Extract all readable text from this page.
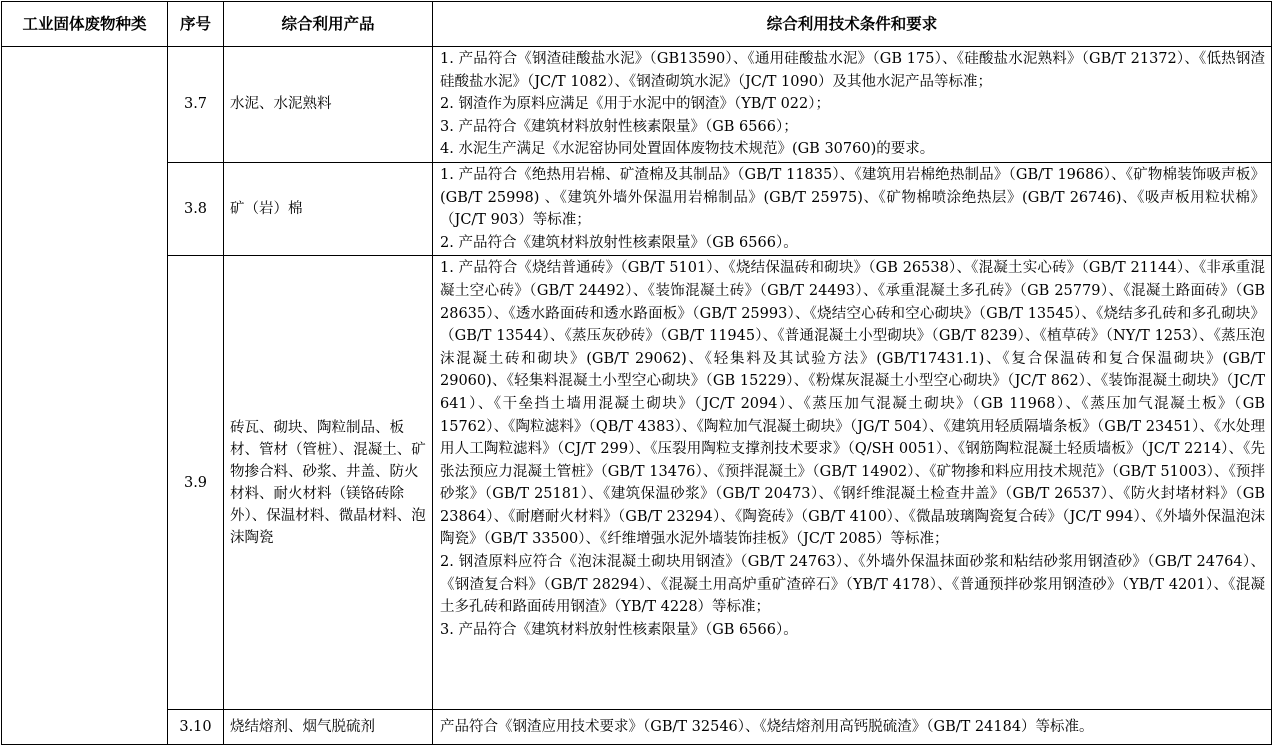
工业固体废物种类	序号	综合利用产品	综合利用技术条件和要求
	3.7	水泥、水泥熟料	1. 产品符合《钢渣硅酸盐水泥》（GB13590）、《通用硅酸盐水泥》（GB 175）、《硅酸盐水泥熟料》（GB/T 21372）、《低热钢渣硅酸盐水泥》（JC/T 1082）、《钢渣砌筑水泥》（JC/T 1090）及其他水泥产品等标准；
2. 钢渣作为原料应满足《用于水泥中的钢渣》（YB/T 022）；
3. 产品符合《建筑材料放射性核素限量》（GB 6566）；
4. 水泥生产满足《水泥窑协同处置固体废物技术规范》(GB 30760)的要求。

	3.8	矿（岩）棉	1. 产品符合《绝热用岩棉、矿渣棉及其制品》（GB/T 11835）、《建筑用岩棉绝热制品》（GB/T 19686）、《矿物棉装饰吸声板》(GB/T 25998) 、《建筑外墙外保温用岩棉制品》(GB/T 25975)、《矿物棉喷涂绝热层》(GB/T 26746)、《吸声板用粒状棉》（JC/T 903）等标准；
2. 产品符合《建筑材料放射性核素限量》（GB 6566）。

	3.9	砖瓦、砌块、陶粒制品、板材、管材（管桩）、混凝土、矿物掺合料、砂浆、井盖、防火材料、耐火材料（镁铬砖除外）、保温材料、微晶材料、泡沫陶瓷	1. 产品符合《烧结普通砖》（GB/T 5101）、《烧结保温砖和砌块》（GB 26538）、《混凝土实心砖》（GB/T 21144）、《非承重混凝土空心砖》（GB/T 24492）、《装饰混凝土砖》（GB/T 24493）、《承重混凝土多孔砖》（GB 25779）、《混凝土路面砖》（GB 28635）、《透水路面砖和透水路面板》（GB/T 25993）、《烧结空心砖和空心砌块》（GB/T 13545）、《烧结多孔砖和多孔砌块》（GB/T 13544）、《蒸压灰砂砖》（GB/T 11945）、《普通混凝土小型砌块》（GB/T 8239）、《植草砖》（NY/T 1253）、《蒸压泡沫混凝土砖和砌块》(GB/T 29062)、《轻集料及其试验方法》(GB/T17431.1)、《复合保温砖和复合保温砌块》(GB/T 29060)、《轻集料混凝土小型空心砌块》（GB 15229）、《粉煤灰混凝土小型空心砌块》（JC/T 862）、《装饰混凝土砌块》（JC/T 641）、《干垒挡土墙用混凝土砌块》（JC/T 2094）、《蒸压加气混凝土砌块》（GB 11968）、《蒸压加气混凝土板》（GB 15762）、《陶粒滤料》（QB/T 4383）、《陶粒加气混凝土砌块》（JG/T 504）、《建筑用轻质隔墙条板》（GB/T 23451）、《水处理用人工陶粒滤料》（CJ/T 299）、《压裂用陶粒支撑剂技术要求》（Q/SH 0051）、《钢筋陶粒混凝土轻质墙板》（JC/T 2214）、《先张法预应力混凝土管桩》（GB/T 13476）、《预拌混凝土》（GB/T 14902）、《矿物掺和料应用技术规范》（GB/T 51003）、《预拌砂浆》（GB/T 25181）、《建筑保温砂浆》（GB/T 20473）、《钢纤维混凝土检查井盖》（GB/T 26537）、《防火封堵材料》（GB 23864）、《耐磨耐火材料》（GB/T 23294）、《陶瓷砖》（GB/T 4100）、《微晶玻璃陶瓷复合砖》（JC/T 994）、《外墙外保温泡沫陶瓷》（GB/T 33500）、《纤维增强水泥外墙装饰挂板》（JC/T 2085）等标准；
2. 钢渣原料应符合《泡沫混凝土砌块用钢渣》（GB/T 24763）、《外墙外保温抹面砂浆和粘结砂浆用钢渣砂》（GB/T 24764）、《钢渣复合料》（GB/T 28294）、《混凝土用高炉重矿渣碎石》（YB/T 4178）、《普通预拌砂浆用钢渣砂》（YB/T 4201）、《混凝土多孔砖和路面砖用钢渣》（YB/T 4228）等标准；
3. 产品符合《建筑材料放射性核素限量》（GB 6566）。

	3.10	烧结熔剂、烟气脱硫剂	产品符合《钢渣应用技术要求》（GB/T 32546）、《烧结熔剂用高钙脱硫渣》（GB/T 24184）等标准。
